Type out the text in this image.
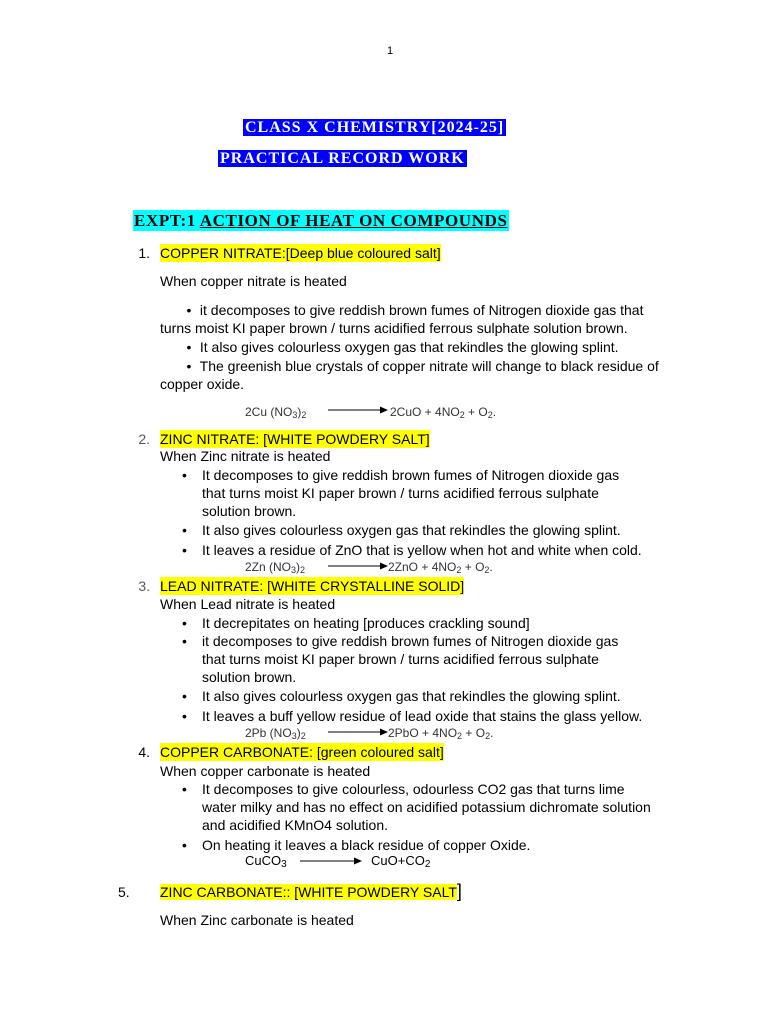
1
CLASS X CHEMISTRY[2024-25]
PRACTICAL RECORD WORK
EXPT:1 ACTION OF HEAT ON COMPOUNDS
1. COPPER NITRATE:[Deep blue coloured salt]
When copper nitrate is heated
• it decomposes to give reddish brown fumes of Nitrogen dioxide gas that turns moist KI paper brown / turns acidified ferrous sulphate solution brown.
• It also gives colourless oxygen gas that rekindles the glowing splint.
• The greenish blue crystals of copper nitrate will change to black residue of copper oxide.
2Cu $(NO_3)_2 \to 2CuO + 4NO_2 + O_2$.
2. ZINC NITRATE: [WHITE POWDERY SALT]
When Zinc nitrate is heated
• It decomposes to give reddish brown fumes of Nitrogen dioxide gas that turns moist KI paper brown / turns acidified ferrous sulphate solution brown.
• It also gives colourless oxygen gas that rekindles the glowing splint.
• It leaves a residue of ZnO that is yellow when hot and white when cold.
2Zn $(NO_3)_2 \to 2ZnO + 4NO_2 + O_2$.
3. LEAD NITRATE: [WHITE CRYSTALLINE SOLID]
When Lead nitrate is heated
• It decrepitates on heating [produces crackling sound]
• it decomposes to give reddish brown fumes of Nitrogen dioxide gas that turns moist KI paper brown / turns acidified ferrous sulphate solution brown.
• It also gives colourless oxygen gas that rekindles the glowing splint.
• It leaves a buff yellow residue of lead oxide that stains the glass yellow.
2Pb $(NO_3)_2 \to 2PbO + 4NO_2 + O_2$.
4. COPPER CARBONATE: [green coloured salt]
When copper carbonate is heated
• It decomposes to give colourless, odourless CO2 gas that turns lime water milky and has no effect on acidified potassium dichromate solution and acidified KMnO4 solution.
• On heating it leaves a black residue of copper Oxide.
CuCO$_3$ → $CuO+CO_2$
5. ZINC CARBONATE:: [WHITE POWDERY SALT]
When Zinc carbonate is heated
